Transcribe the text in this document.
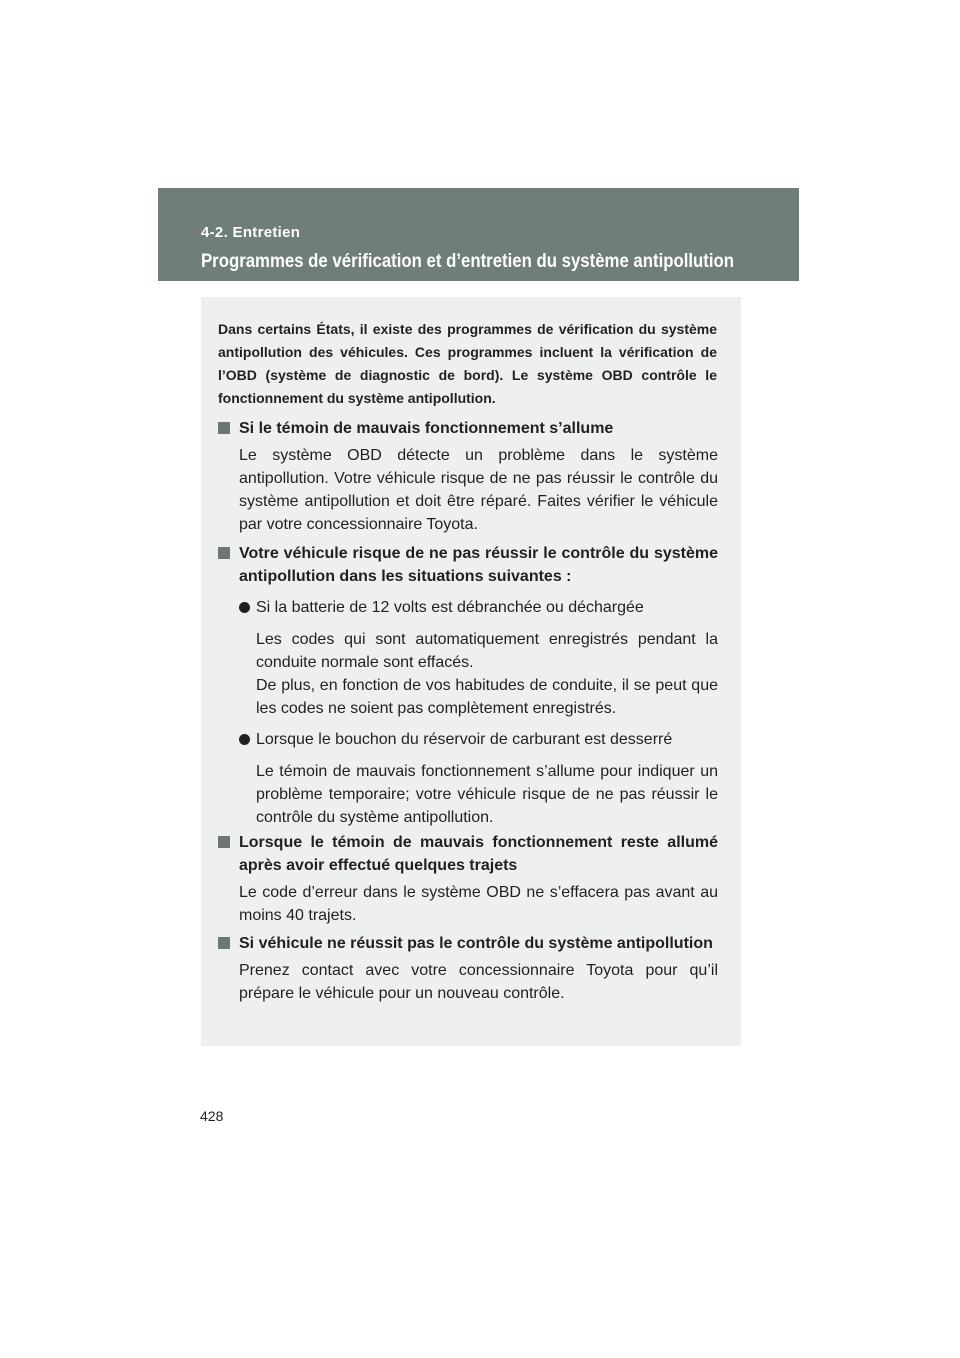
4-2. Entretien
Programmes de vérification et d’entretien du système antipollution
Dans certains États, il existe des programmes de vérification du système antipollution des véhicules. Ces programmes incluent la vérification de l’OBD (système de diagnostic de bord). Le système OBD contrôle le fonctionnement du système antipollution.
Si le témoin de mauvais fonctionnement s’allume
Le système OBD détecte un problème dans le système antipollution. Votre véhicule risque de ne pas réussir le contrôle du système antipollution et doit être réparé. Faites vérifier le véhicule par votre concessionnaire Toyota.
Votre véhicule risque de ne pas réussir le contrôle du système antipollution dans les situations suivantes :
Si la batterie de 12 volts est débranchée ou déchargée
Les codes qui sont automatiquement enregistrés pendant la conduite normale sont effacés.
De plus, en fonction de vos habitudes de conduite, il se peut que les codes ne soient pas complètement enregistrés.
Lorsque le bouchon du réservoir de carburant est desserré
Le témoin de mauvais fonctionnement s’allume pour indiquer un problème temporaire; votre véhicule risque de ne pas réussir le contrôle du système antipollution.
Lorsque le témoin de mauvais fonctionnement reste allumé après avoir effectué quelques trajets
Le code d’erreur dans le système OBD ne s’effacera pas avant au moins 40 trajets.
Si véhicule ne réussit pas le contrôle du système antipollution
Prenez contact avec votre concessionnaire Toyota pour qu’il prépare le véhicule pour un nouveau contrôle.
428
